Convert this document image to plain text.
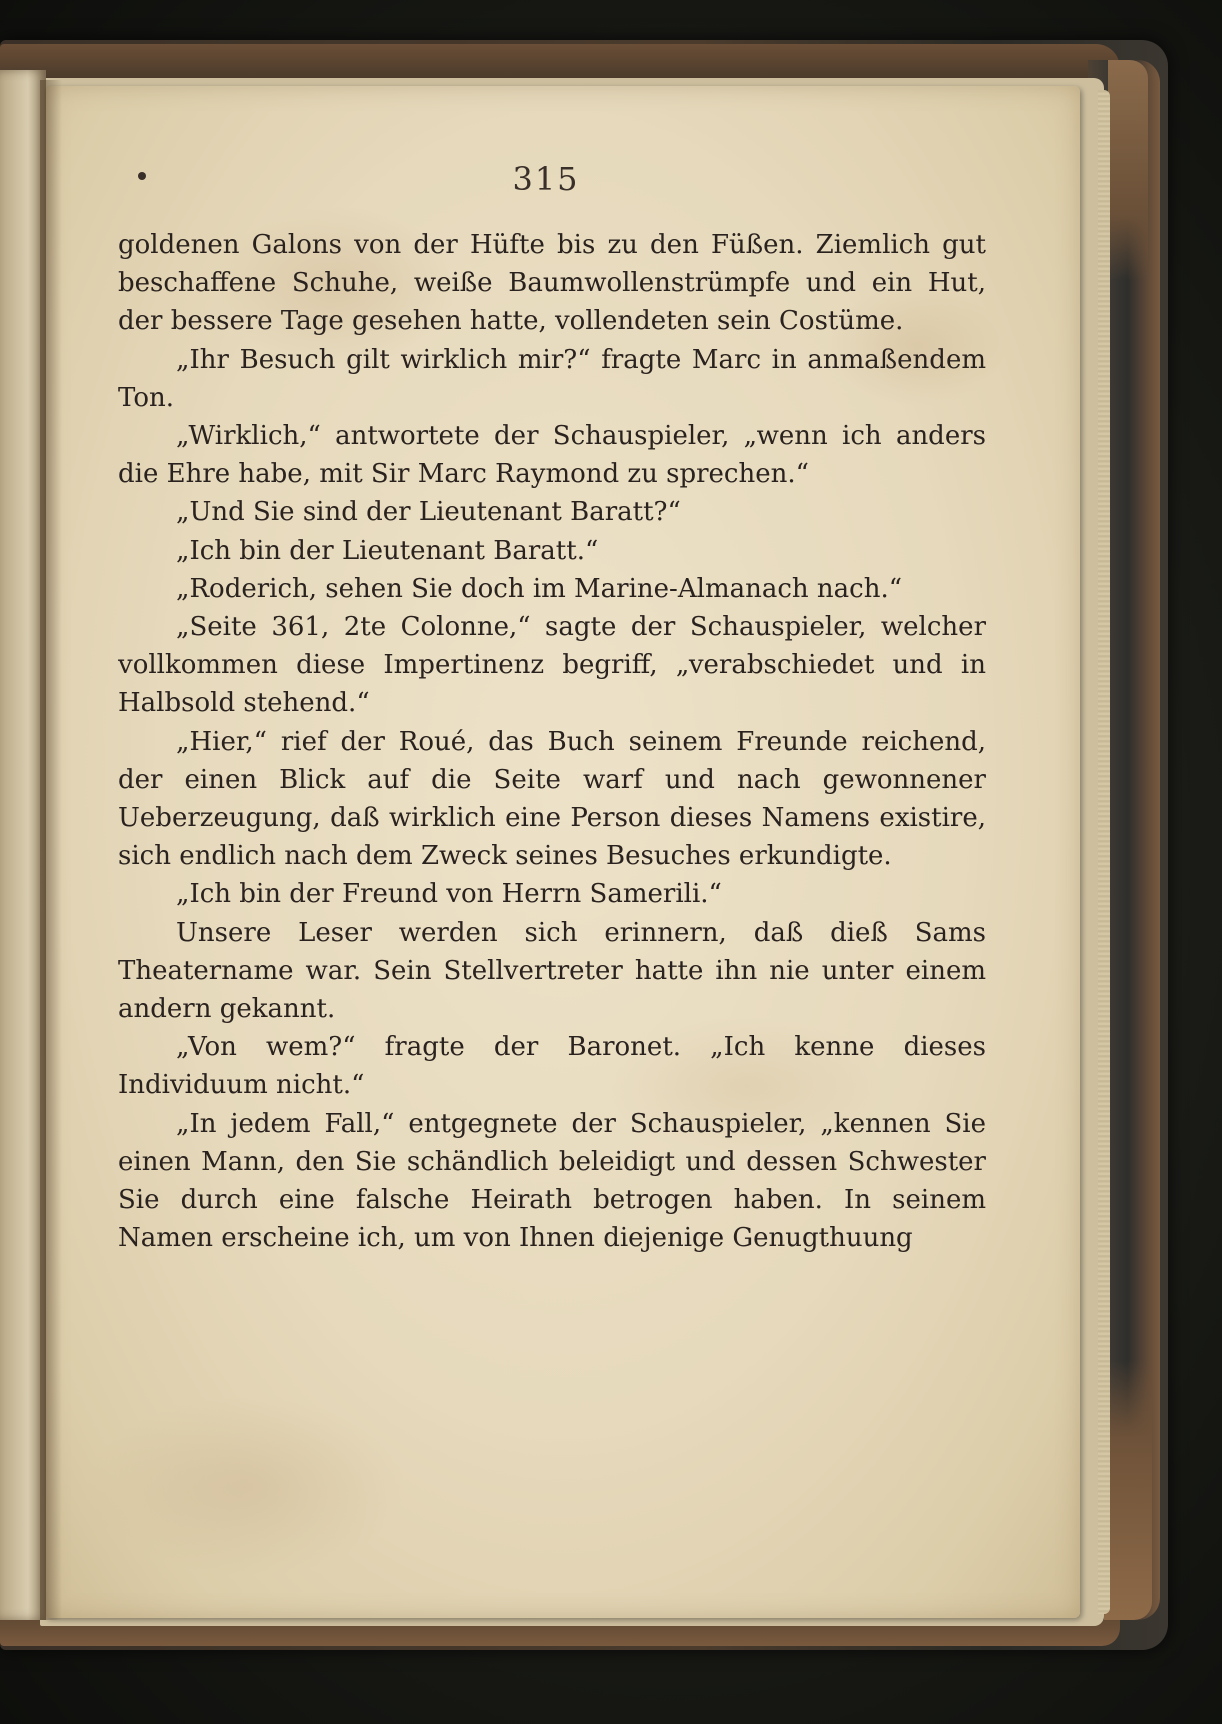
315

goldenen Galons von der Hüfte bis zu den Füßen. Ziemlich gut beschaffene Schuhe, weiße Baumwollenstrümpfe und ein Hut, der bessere Tage gesehen hatte, vollendeten sein Costüme.

„Ihr Besuch gilt wirklich mir?“ fragte Marc in anmaßendem Ton.

„Wirklich,“ antwortete der Schauspieler, „wenn ich anders die Ehre habe, mit Sir Marc Raymond zu sprechen.“

„Und Sie sind der Lieutenant Baratt?“

„Ich bin der Lieutenant Baratt.“

„Roderich, sehen Sie doch im Marine-Almanach nach.“

„Seite 361, 2te Colonne,“ sagte der Schauspieler, welcher vollkommen diese Impertinenz begriff, „verabschiedet und in Halbsold stehend.“

„Hier,“ rief der Roué, das Buch seinem Freunde reichend, der einen Blick auf die Seite warf und nach gewonnener Ueberzeugung, daß wirklich eine Person dieses Namens existire, sich endlich nach dem Zweck seines Besuches erkundigte.

„Ich bin der Freund von Herrn Samerili.“

Unsere Leser werden sich erinnern, daß dieß Sams Theatername war. Sein Stellvertreter hatte ihn nie unter einem andern gekannt.

„Von wem?“ fragte der Baronet. „Ich kenne dieses Individuum nicht.“

„In jedem Fall,“ entgegnete der Schauspieler, „kennen Sie einen Mann, den Sie schändlich beleidigt und dessen Schwester Sie durch eine falsche Heirath betrogen haben. In seinem Namen erscheine ich, um von Ihnen diejenige Genugthuung
